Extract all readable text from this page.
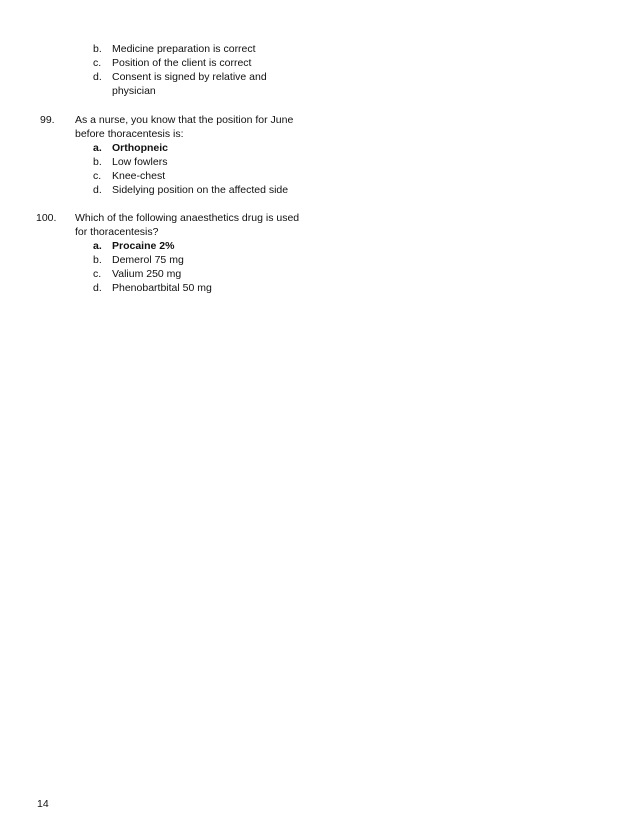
b. Medicine preparation is correct
c.	Position of the client is correct
d. Consent is signed by relative and
physician
99. As a nurse, you know that the position for June
before thoracentesis is:
a. Orthopneic
b. Low fowlers
c.	Knee-chest
d. Sidelying position on the affected side
100. Which of the following anaesthetics drug is used
for thoracentesis?
a. Procaine 2%
b. Demerol 75 mg
c.	Valium 250 mg
d. Phenobartbital 50 mg
14
